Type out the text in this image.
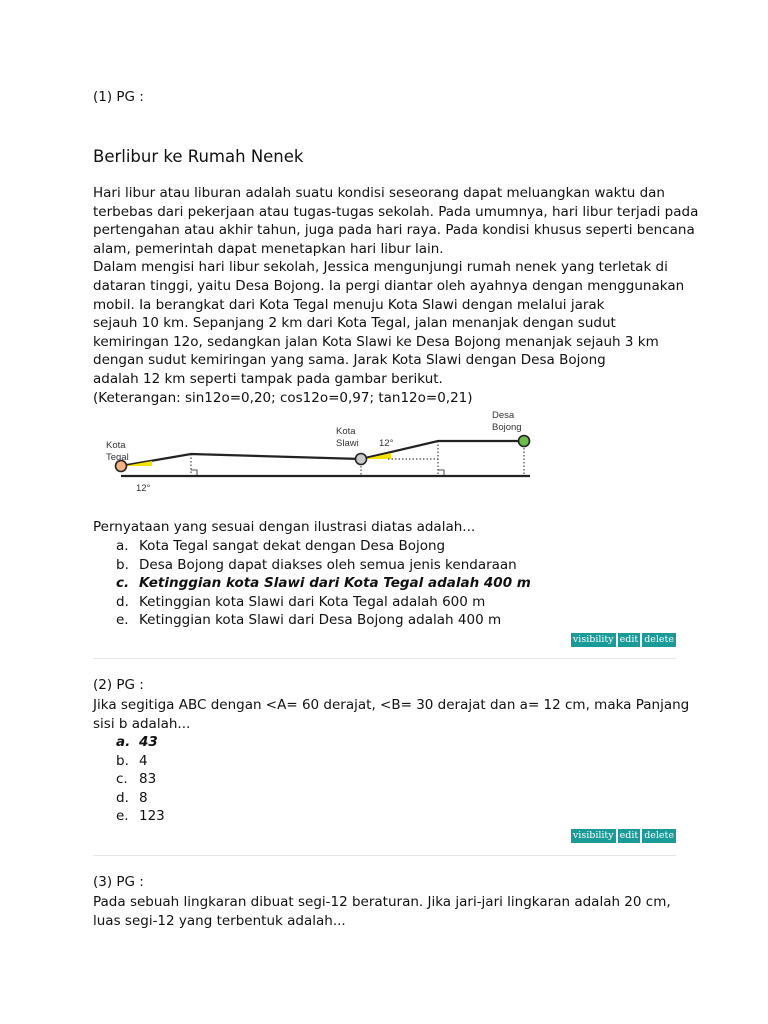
(1) PG :
Berlibur ke Rumah Nenek
Hari libur atau liburan adalah suatu kondisi seseorang dapat meluangkan waktu dan
terbebas dari pekerjaan atau tugas-tugas sekolah. Pada umumnya, hari libur terjadi pada
pertengahan atau akhir tahun, juga pada hari raya. Pada kondisi khusus seperti bencana
alam, pemerintah dapat menetapkan hari libur lain.
Dalam mengisi hari libur sekolah, Jessica mengunjungi rumah nenek yang terletak di
dataran tinggi, yaitu Desa Bojong. Ia pergi diantar oleh ayahnya dengan menggunakan
mobil. Ia berangkat dari Kota Tegal menuju Kota Slawi dengan melalui jarak
sejauh 10 km. Sepanjang 2 km dari Kota Tegal, jalan menanjak dengan sudut
kemiringan 12o, sedangkan jalan Kota Slawi ke Desa Bojong menanjak sejauh 3 km
dengan sudut kemiringan yang sama. Jarak Kota Slawi dengan Desa Bojong
adalah 12 km seperti tampak pada gambar berikut.
(Keterangan: sin12o=0,20; cos12o=0,97; tan12o=0,21)
Kota
Tegal
Kota
Slawi
Desa
Bojong
12°
12°
Pernyataan yang sesuai dengan ilustrasi diatas adalah...
a. Kota Tegal sangat dekat dengan Desa Bojong
b. Desa Bojong dapat diakses oleh semua jenis kendaraan
c. Ketinggian kota Slawi dari Kota Tegal adalah 400 m
d. Ketinggian kota Slawi dari Kota Tegal adalah 600 m
e. Ketinggian kota Slawi dari Desa Bojong adalah 400 m
visibility edit delete
(2) PG :
Jika segitiga ABC dengan <A= 60 derajat, <B= 30 derajat dan a= 12 cm, maka Panjang
sisi b adalah...
a. 43
b. 4
c. 83
d. 8
e. 123
visibility edit delete
(3) PG :
Pada sebuah lingkaran dibuat segi-12 beraturan. Jika jari-jari lingkaran adalah 20 cm,
luas segi-12 yang terbentuk adalah...
